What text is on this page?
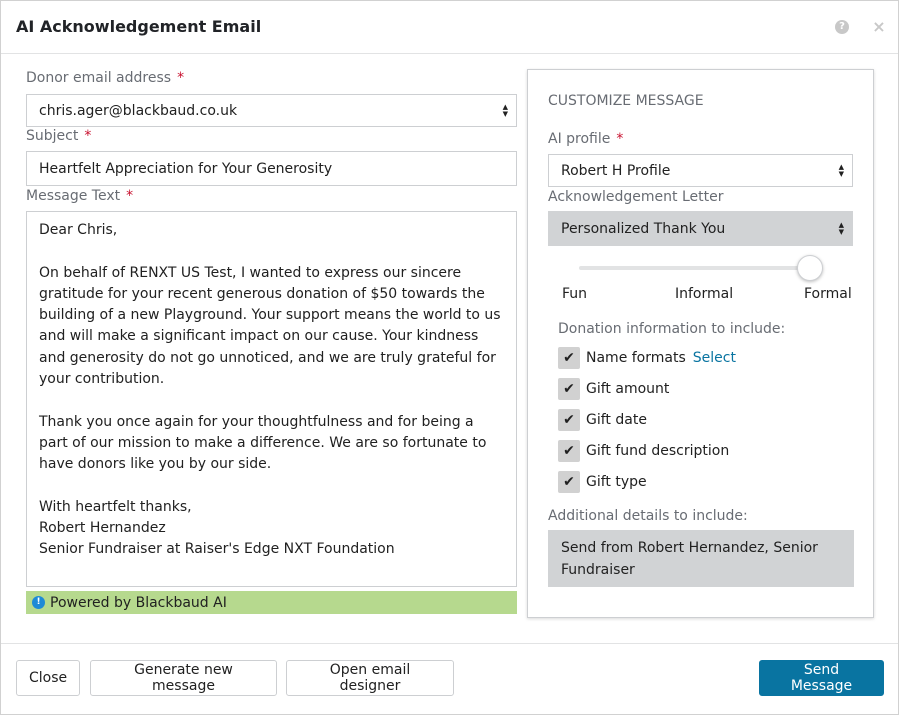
AI Acknowledgement Email	? ×
Donor email address *
chris.ager@blackbaud.co.uk	▲
▼
Subject *
Heartfelt Appreciation for Your Generosity
Message Text *
Dear Chris,

On behalf of RENXT US Test, I wanted to express our sincere gratitude for your recent generous donation of $50 towards the building of a new Playground. Your support means the world to us and will make a significant impact on our cause. Your kindness and generosity do not go unnoticed, and we are truly grateful for your contribution.

Thank you once again for your thoughtfulness and for being a part of our mission to make a difference. We are so fortunate to have donors like you by our side.

With heartfelt thanks,
Robert Hernandez
Senior Fundraiser at Raiser's Edge NXT Foundation
! Powered by Blackbaud AI
CUSTOMIZE MESSAGE
AI profile *
Robert H Profile	▲
▼
Acknowledgement Letter
Personalized Thank You	▲
▼
Fun	Informal	Formal
Donation information to include:
✔ Name formats Select
✔ Gift amount
✔ Gift date
✔ Gift fund description
✔ Gift type
Additional details to include:
Send from Robert Hernandez, Senior Fundraiser
Close	Generate new message
Open email designer
Send Message
